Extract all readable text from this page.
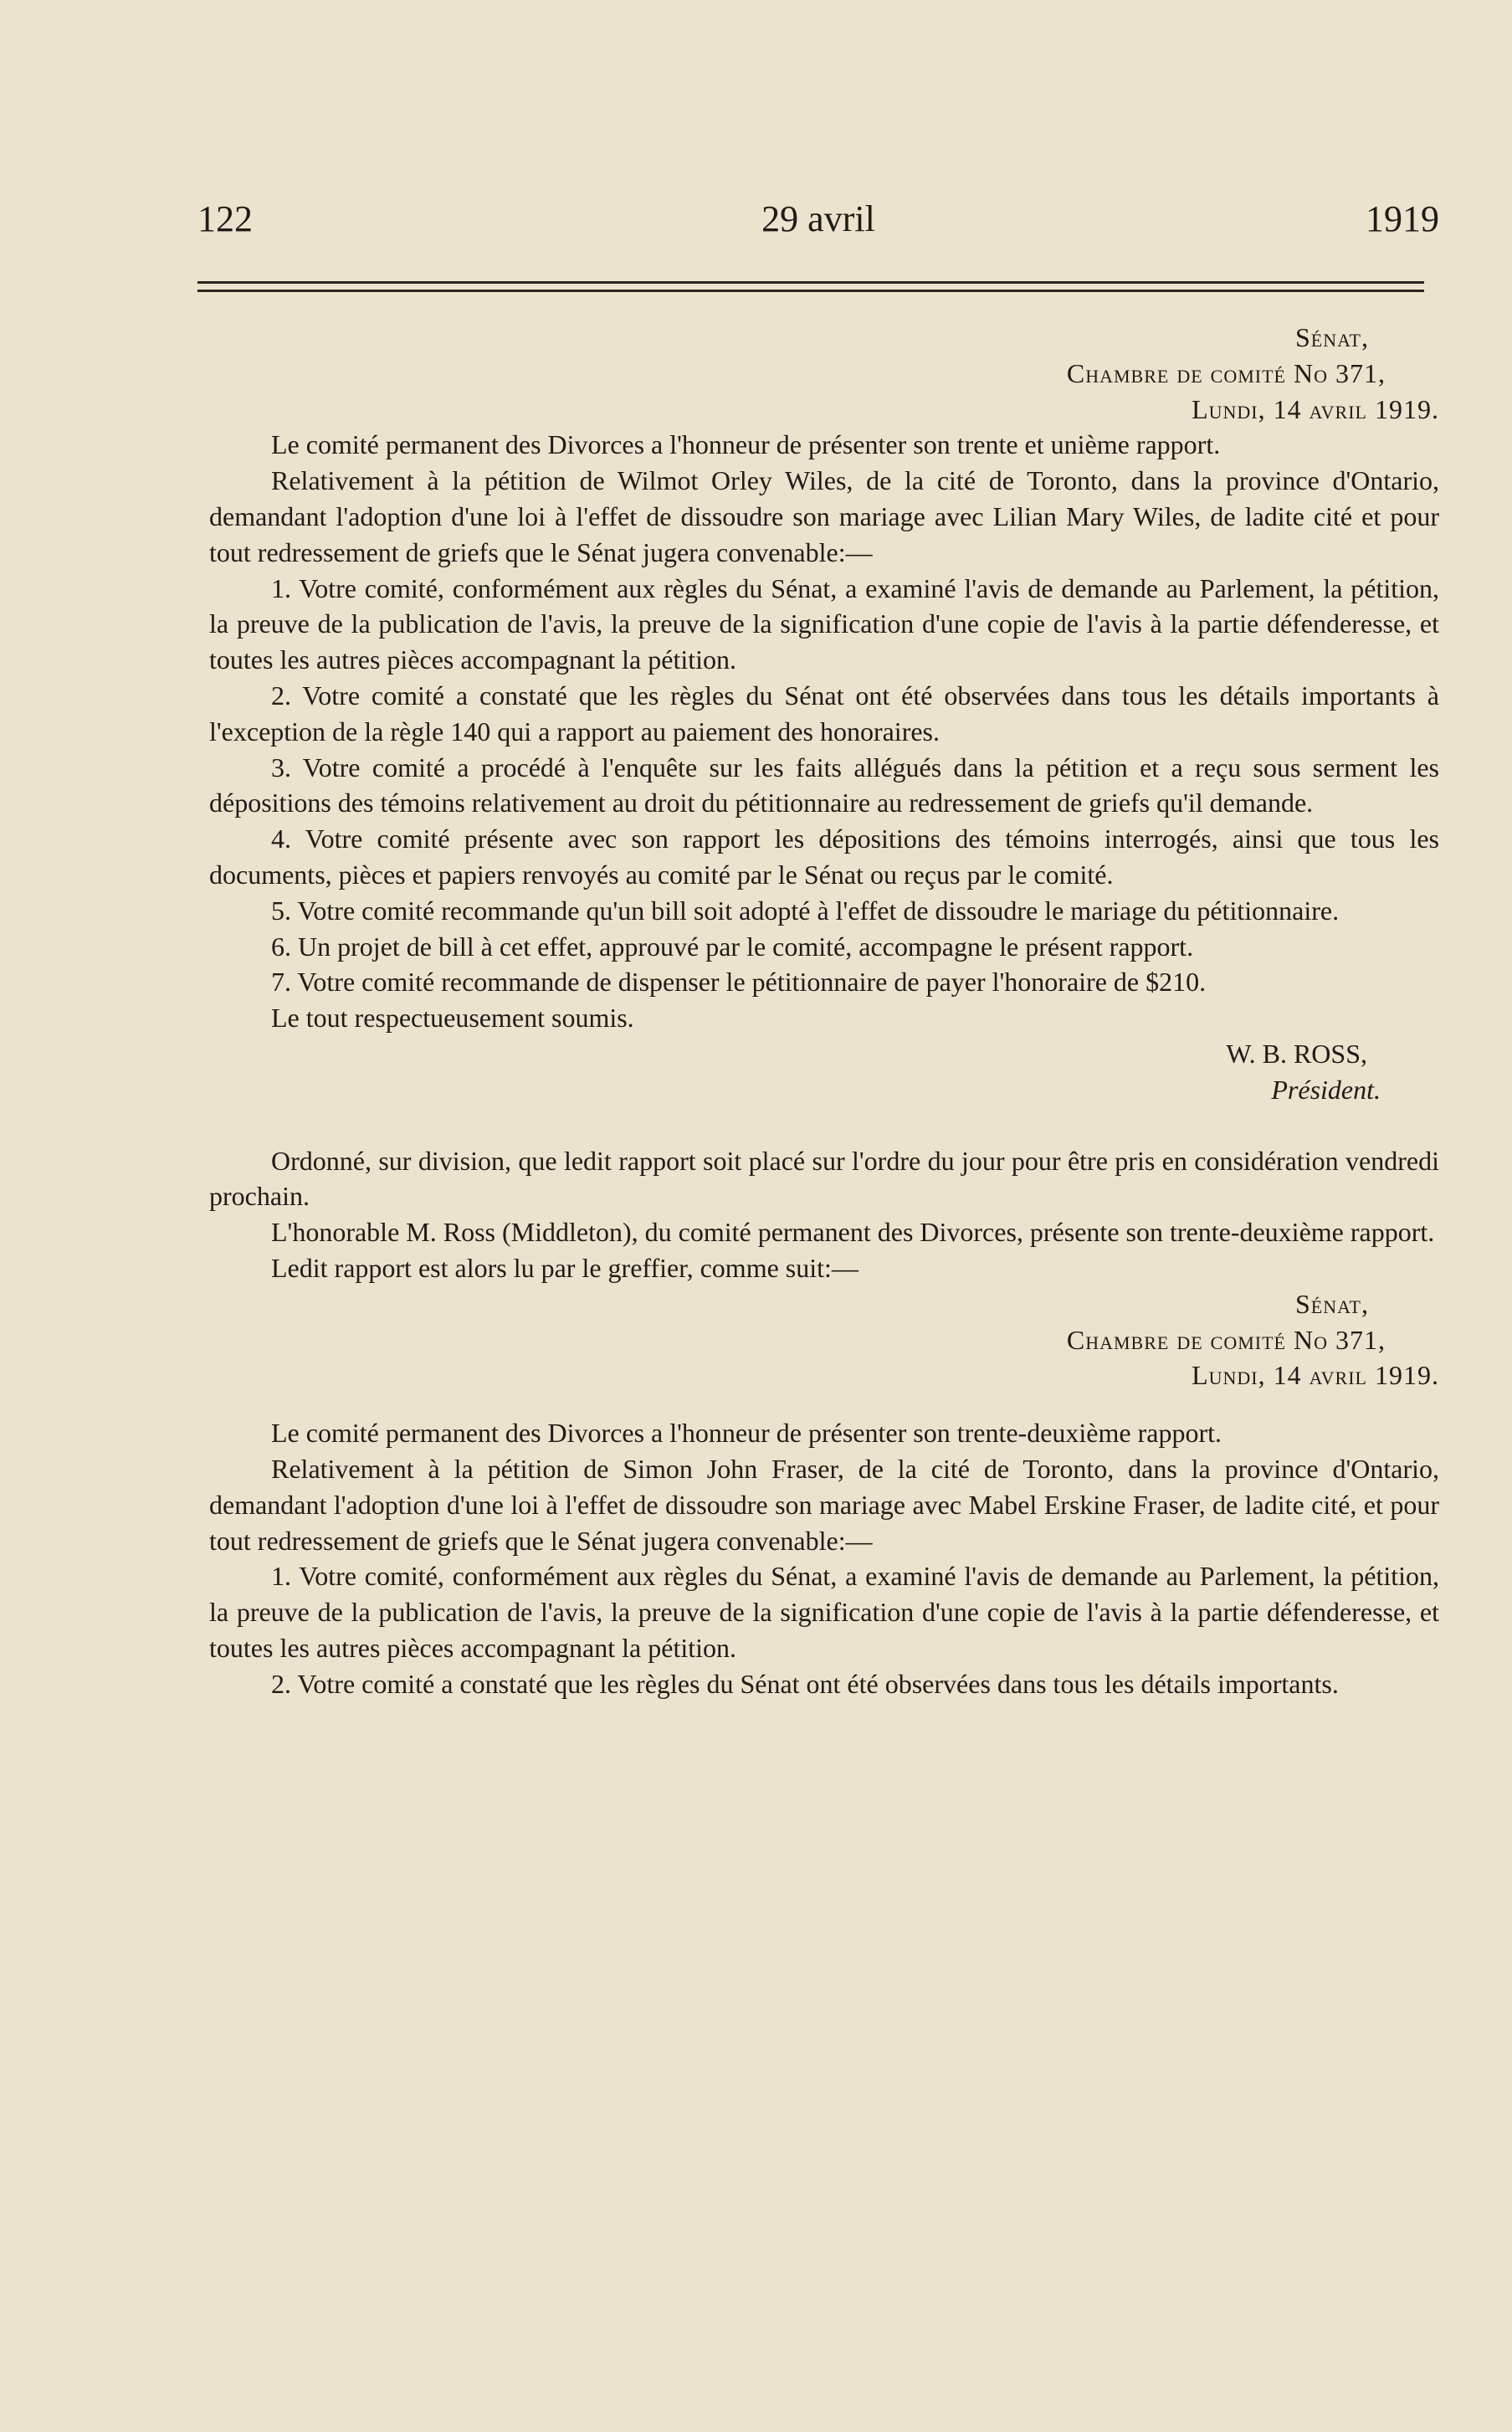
122	29 avril	1919
Sénat,
Chambre de comité No 371,
Lundi, 14 avril 1919.

Le comité permanent des Divorces a l'honneur de présenter son trente et unième rapport.

Relativement à la pétition de Wilmot Orley Wiles, de la cité de Toronto, dans la province d'Ontario, demandant l'adoption d'une loi à l'effet de dissoudre son mariage avec Lilian Mary Wiles, de ladite cité et pour tout redressement de griefs que le Sénat jugera convenable:—

1. Votre comité, conformément aux règles du Sénat, a examiné l'avis de demande au Parlement, la pétition, la preuve de la publication de l'avis, la preuve de la signification d'une copie de l'avis à la partie défenderesse, et toutes les autres pièces accompagnant la pétition.

2. Votre comité a constaté que les règles du Sénat ont été observées dans tous les détails importants à l'exception de la règle 140 qui a rapport au paiement des honoraires.

3. Votre comité a procédé à l'enquête sur les faits allégués dans la pétition et a reçu sous serment les dépositions des témoins relativement au droit du pétitionnaire au redressement de griefs qu'il demande.

4. Votre comité présente avec son rapport les dépositions des témoins interrogés, ainsi que tous les documents, pièces et papiers renvoyés au comité par le Sénat ou reçus par le comité.

5. Votre comité recommande qu'un bill soit adopté à l'effet de dissoudre le mariage du pétitionnaire.

6. Un projet de bill à cet effet, approuvé par le comité, accompagne le présent rapport.

7. Votre comité recommande de dispenser le pétitionnaire de payer l'honoraire de $210.

Le tout respectueusement soumis.

W. B. ROSS,
Président.

Ordonné, sur division, que ledit rapport soit placé sur l'ordre du jour pour être pris en considération vendredi prochain.

L'honorable M. Ross (Middleton), du comité permanent des Divorces, présente son trente-deuxième rapport.

Ledit rapport est alors lu par le greffier, comme suit:—

Sénat,
Chambre de comité No 371,
Lundi, 14 avril 1919.

Le comité permanent des Divorces a l'honneur de présenter son trente-deuxième rapport.

Relativement à la pétition de Simon John Fraser, de la cité de Toronto, dans la province d'Ontario, demandant l'adoption d'une loi à l'effet de dissoudre son mariage avec Mabel Erskine Fraser, de ladite cité, et pour tout redressement de griefs que le Sénat jugera convenable:—

1. Votre comité, conformément aux règles du Sénat, a examiné l'avis de demande au Parlement, la pétition, la preuve de la publication de l'avis, la preuve de la signification d'une copie de l'avis à la partie défenderesse, et toutes les autres pièces accompagnant la pétition.

2. Votre comité a constaté que les règles du Sénat ont été observées dans tous les détails importants.
